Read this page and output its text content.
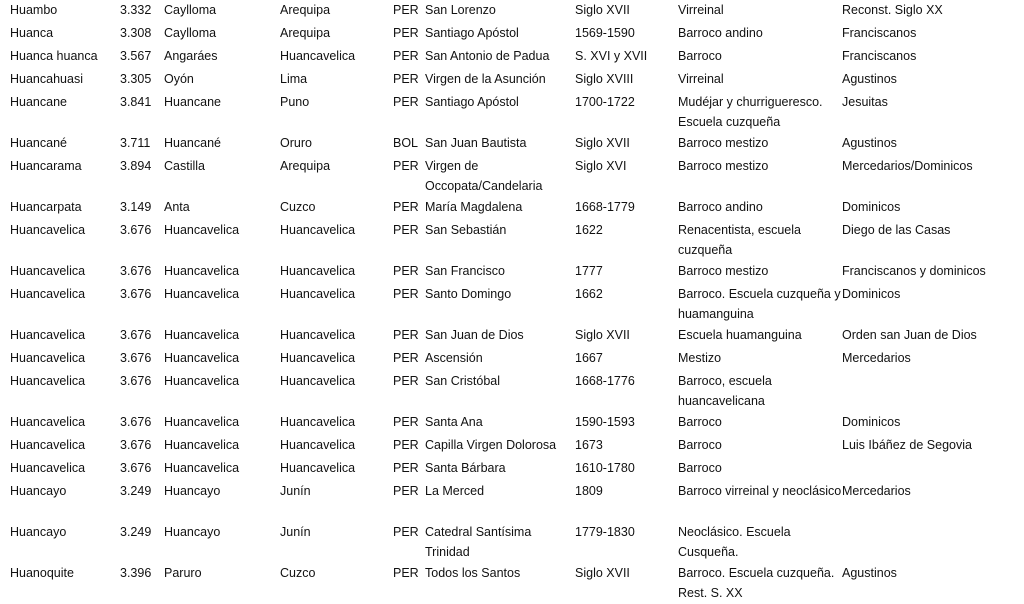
Huambo	3.332	Caylloma	Arequipa	PER	San Lorenzo	Siglo XVII	Virreinal	Reconst. Siglo XX
Huanca	3.308	Caylloma	Arequipa	PER	Santiago Apóstol	1569-1590	Barroco andino	Franciscanos
Huanca huanca	3.567	Angaráes	Huancavelica	PER	San Antonio de Padua	S. XVI y XVII	Barroco	Franciscanos
Huancahuasi	3.305	Oyón	Lima	PER	Virgen de la Asunción	Siglo XVIII	Virreinal	Agustinos
Huancane	3.841	Huancane	Puno	PER	Santiago Apóstol	1700-1722	Mudéjar y churrigueresco. Escuela cuzqueña	Jesuitas
Huancané	3.711	Huancané	Oruro	BOL	San Juan Bautista	Siglo XVII	Barroco mestizo	Agustinos
Huancarama	3.894	Castilla	Arequipa	PER	Virgen de Occopata/Candelaria	Siglo XVI	Barroco mestizo	Mercedarios/Dominicos
Huancarpata	3.149	Anta	Cuzco	PER	María Magdalena	1668-1779	Barroco andino	Dominicos
Huancavelica	3.676	Huancavelica	Huancavelica	PER	San Sebastián	1622	Renacentista, escuela cuzqueña	Diego de las Casas
Huancavelica	3.676	Huancavelica	Huancavelica	PER	San Francisco	1777	Barroco mestizo	Franciscanos y dominicos
Huancavelica	3.676	Huancavelica	Huancavelica	PER	Santo Domingo	1662	Barroco. Escuela cuzqueña y huamanguina	Dominicos
Huancavelica	3.676	Huancavelica	Huancavelica	PER	San Juan de Dios	Siglo XVII	Escuela huamanguina	Orden san Juan de Dios
Huancavelica	3.676	Huancavelica	Huancavelica	PER	Ascensión	1667	Mestizo	Mercedarios
Huancavelica	3.676	Huancavelica	Huancavelica	PER	San Cristóbal	1668-1776	Barroco, escuela huancavelicana	
Huancavelica	3.676	Huancavelica	Huancavelica	PER	Santa Ana	1590-1593	Barroco	Dominicos
Huancavelica	3.676	Huancavelica	Huancavelica	PER	Capilla Virgen Dolorosa	1673	Barroco	Luis Ibáñez de Segovia
Huancavelica	3.676	Huancavelica	Huancavelica	PER	Santa Bárbara	1610-1780	Barroco	
Huancayo	3.249	Huancayo	Junín	PER	La Merced	1809	Barroco virreinal y neoclásico	Mercedarios
Huancayo	3.249	Huancayo	Junín	PER	Catedral Santísima Trinidad	1779-1830	Neoclásico. Escuela Cusqueña.	
Huanoquite	3.396	Paruro	Cuzco	PER	Todos los Santos	Siglo XVII	Barroco. Escuela cuzqueña. Rest. S. XX	Agustinos
